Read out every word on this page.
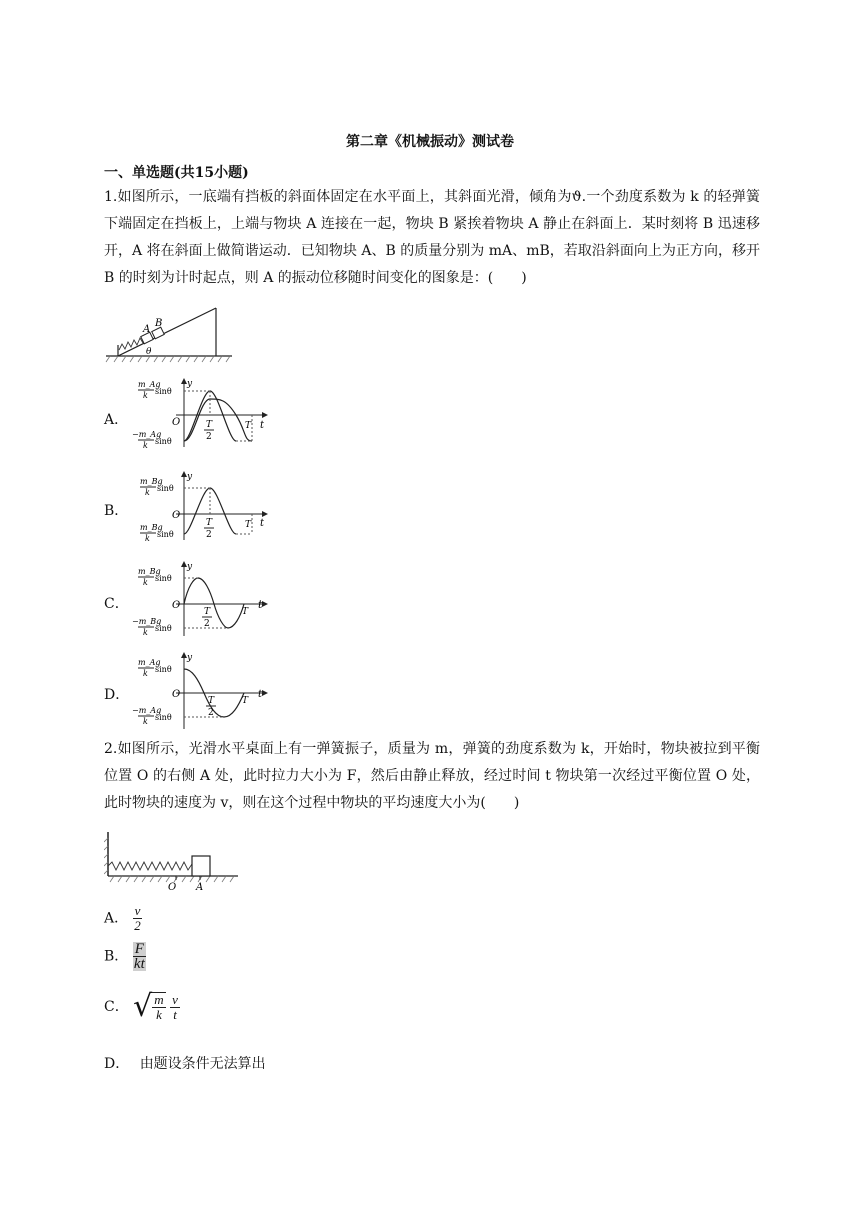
第二章《机械振动》测试卷
一、单选题(共15小题)
1.如图所示，一底端有挡板的斜面体固定在水平面上，其斜面光滑，倾角为ϑ.一个劲度系数为 k 的轻弹簧下端固定在挡板上，上端与物块 A 连接在一起，物块 B 紧挨着物块 A 静止在斜面上．某时刻将 B 迅速移开，A 将在斜面上做简谐运动．已知物块 A、B 的质量分别为 mA、mB，若取沿斜面向上为正方向，移开 B 的时刻为计时起点，则 A 的振动位移随时间变化的图象是：(　　)
A
B
θ
A．
B．
C．
D．
y
O	t
T
2
T
m_Ag
k sinθ
−m_Ag
k sinθ
y
O
t
T
2
T
m_Bg
k sinθ
m_Bg
k sinθ
y
O	t
T
2
T
m_Bg
k sinθ
−m_Bg
k sinθ
y
O	t
T
2
T
m_Ag
k sinθ
−m_Ag
k sinθ
2.如图所示，光滑水平桌面上有一弹簧振子，质量为 m，弹簧的劲度系数为 k，开始时，物块被拉到平衡位置 O 的右侧 A 处，此时拉力大小为 F，然后由静止释放，经过时间 t 物块第一次经过平衡位置 O 处，此时物块的速度为 v，则在这个过程中物块的平均速度大小为(　　)
O A
A． $\frac{v}{2}$
B． $\frac{F}{kt}$
C． √ $\frac{m}{k}$
$\frac{v}{t}$
D． 由题设条件无法算出
